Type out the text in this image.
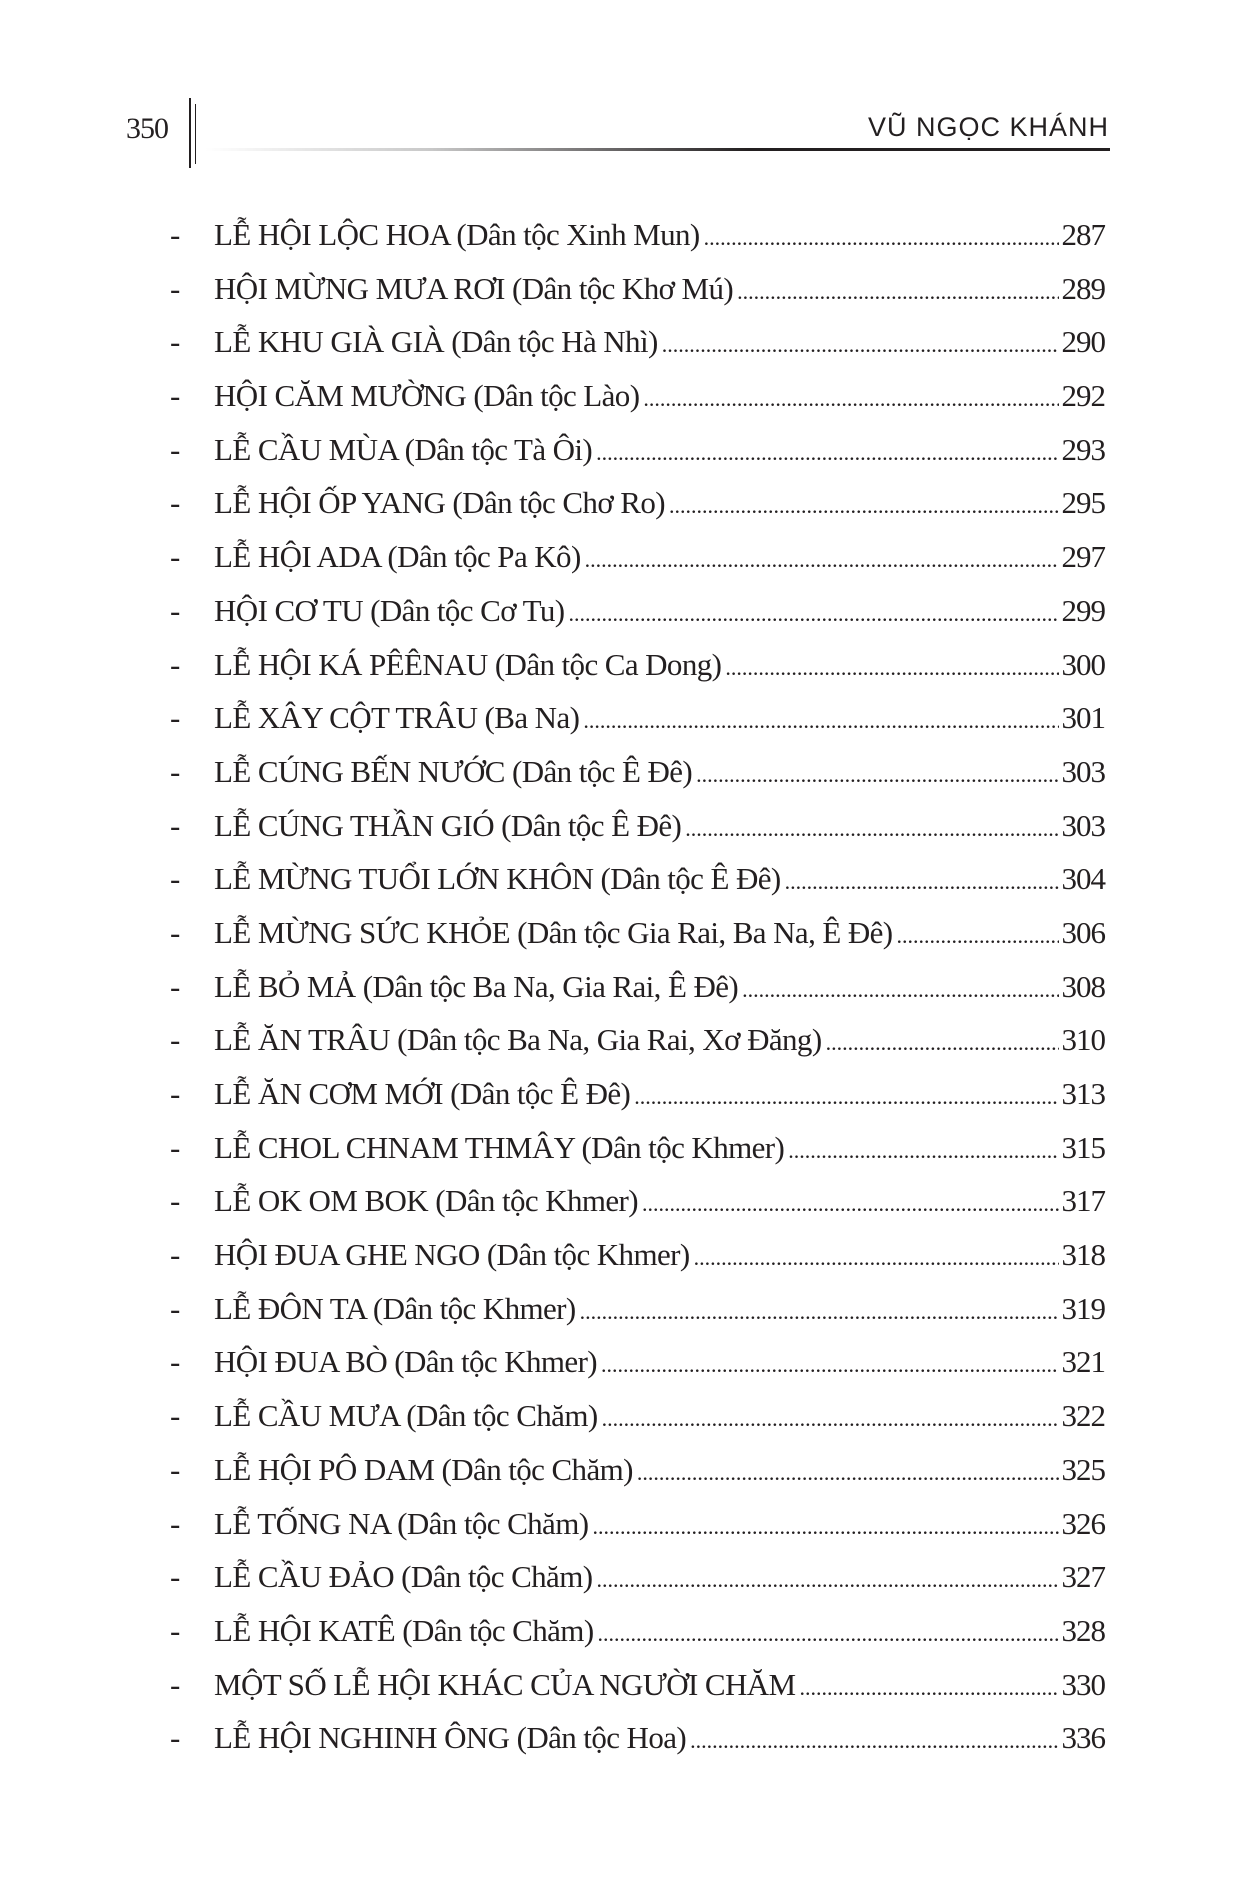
350	VŨ NGỌC KHÁNH
-	LỄ HỘI LỘC HOA (Dân tộc Xinh Mun) .....	287
-	HỘI MỪNG MƯA RƠI (Dân tộc Khơ Mú) .....	289
-	LỄ KHU GIÀ GIÀ (Dân tộc Hà Nhì) .....	290
-	HỘI CĂM MƯỜNG (Dân tộc Lào) .....	292
-	LỄ CẦU MÙA (Dân tộc Tà Ôi) .....	293
-	LỄ HỘI ỐP YANG (Dân tộc Chơ Ro) .....	295
-	LỄ HỘI ADA (Dân tộc Pa Kô) .....	297
-	HỘI CƠ TU (Dân tộc Cơ Tu) .....	299
-	LỄ HỘI KÁ PÊÊNAU (Dân tộc Ca Dong) .....	300
-	LỄ XÂY CỘT TRÂU (Ba Na) .....	301
-	LỄ CÚNG BẾN NƯỚC (Dân tộc Ê Đê) .....	303
-	LỄ CÚNG THẦN GIÓ (Dân tộc Ê Đê) .....	303
-	LỄ MỪNG TUỔI LỚN KHÔN (Dân tộc Ê Đê) .....	304
-	LỄ MỪNG SỨC KHỎE (Dân tộc Gia Rai, Ba Na, Ê Đê) .....	306
-	LỄ BỎ MẢ (Dân tộc Ba Na, Gia Rai, Ê Đê) .....	308
-	LỄ ĂN TRÂU (Dân tộc Ba Na, Gia Rai, Xơ Đăng) .....	310
-	LỄ ĂN CƠM MỚI (Dân tộc Ê Đê) .....	313
-	LỄ CHOL CHNAM THMÂY (Dân tộc Khmer) .....	315
-	LỄ OK OM BOK (Dân tộc Khmer) .....	317
-	HỘI ĐUA GHE NGO (Dân tộc Khmer) .....	318
-	LỄ ĐÔN TA (Dân tộc Khmer) .....	319
-	HỘI ĐUA BÒ (Dân tộc Khmer) .....	321
-	LỄ CẦU MƯA (Dân tộc Chăm) .....	322
-	LỄ HỘI PÔ DAM (Dân tộc Chăm) .....	325
-	LỄ TỐNG NA (Dân tộc Chăm) .....	326
-	LỄ CẦU ĐẢO (Dân tộc Chăm) .....	327
-	LỄ HỘI KATÊ (Dân tộc Chăm) .....	328
-	MỘT SỐ LỄ HỘI KHÁC CỦA NGƯỜI CHĂM .....	330
-	LỄ HỘI NGHINH ÔNG (Dân tộc Hoa) .....	336
